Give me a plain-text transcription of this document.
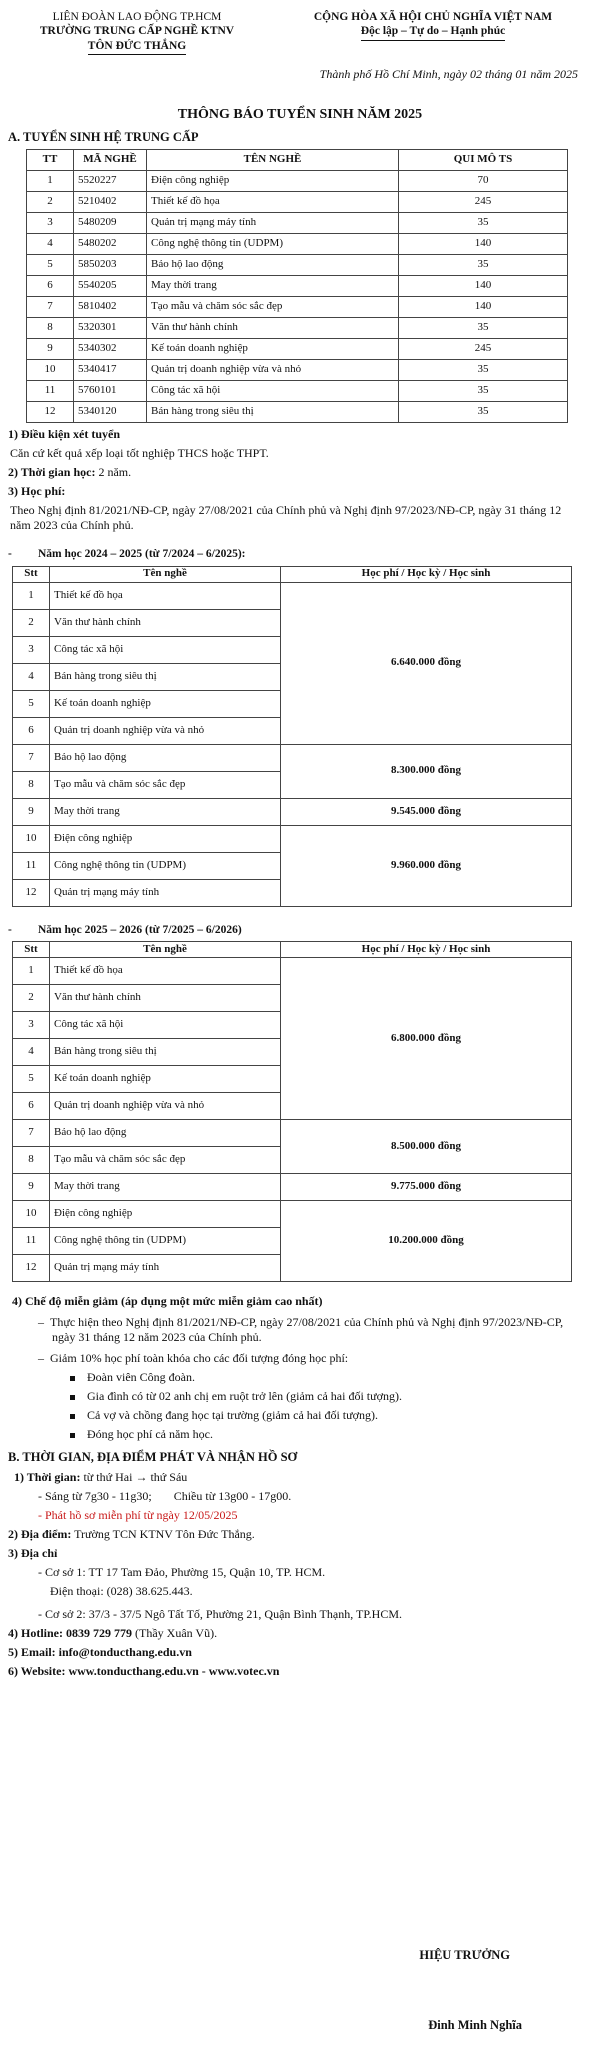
LIÊN ĐOÀN LAO ĐỘNG TP.HCM
TRƯỜNG TRUNG CẤP NGHỀ KTNV
TÔN ĐỨC THẮNG
CỘNG HÒA XÃ HỘI CHỦ NGHĨA VIỆT NAM
Độc lập – Tự do – Hạnh phúc
Thành phố Hồ Chí Minh, ngày 02 tháng 01 năm 2025
THÔNG BÁO TUYỂN SINH NĂM 2025
A. TUYỂN SINH HỆ TRUNG CẤP
TT	MÃ NGHỀ	TÊN NGHỀ	QUI MÔ TS
1	5520227	Điện công nghiệp	70
2	5210402	Thiết kế đồ họa	245
3	5480209	Quản trị mạng máy tính	35
4	5480202	Công nghệ thông tin (UDPM)	140
5	5850203	Bảo hộ lao động	35
6	5540205	May thời trang	140
7	5810402	Tạo mẫu và chăm sóc sắc đẹp	140
8	5320301	Văn thư hành chính	35
9	5340302	Kế toán doanh nghiệp	245
10	5340417	Quản trị doanh nghiệp vừa và nhỏ	35
11	5760101	Công tác xã hội	35
12	5340120	Bán hàng trong siêu thị	35
1) Điều kiện xét tuyển
Căn cứ kết quả xếp loại tốt nghiệp THCS hoặc THPT.
2) Thời gian học: 2 năm.
3) Học phí:
Theo Nghị định 81/2021/NĐ-CP, ngày 27/08/2021 của Chính phủ và Nghị định 97/2023/NĐ-CP, ngày 31 tháng 12 năm 2023 của Chính phủ.
- Năm học 2024 – 2025 (từ 7/2024 – 6/2025):
Stt	Tên nghề	Học phí / Học kỳ / Học sinh
1	Thiết kế đồ họa	6.640.000 đồng
2	Văn thư hành chính	
3	Công tác xã hội	
4	Bán hàng trong siêu thị	
5	Kế toán doanh nghiệp	
6	Quản trị doanh nghiệp vừa và nhỏ	
7	Bảo hộ lao động	8.300.000 đồng
8	Tạo mẫu và chăm sóc sắc đẹp	
9	May thời trang	9.545.000 đồng
10	Điện công nghiệp	9.960.000 đồng
11	Công nghệ thông tin (UDPM)	
12	Quản trị mạng máy tính	
- Năm học 2025 – 2026 (từ 7/2025 – 6/2026)
Stt	Tên nghề	Học phí / Học kỳ / Học sinh
1	Thiết kế đồ họa	6.800.000 đồng
2	Văn thư hành chính	
3	Công tác xã hội	
4	Bán hàng trong siêu thị	
5	Kế toán doanh nghiệp	
6	Quản trị doanh nghiệp vừa và nhỏ	
7	Bảo hộ lao động	8.500.000 đồng
8	Tạo mẫu và chăm sóc sắc đẹp	
9	May thời trang	9.775.000 đồng
10	Điện công nghiệp	10.200.000 đồng
11	Công nghệ thông tin (UDPM)	
12	Quản trị mạng máy tính	
4) Chế độ miễn giảm (áp dụng một mức miễn giảm cao nhất)
–  Thực hiện theo Nghị định 81/2021/NĐ-CP, ngày 27/08/2021 của Chính phủ và Nghị định 97/2023/NĐ-CP, ngày 31 tháng 12 năm 2023 của Chính phủ.
–  Giảm 10% học phí toàn khóa cho các đối tượng đóng học phí:
Đoàn viên Công đoàn.
Gia đình có từ 02 anh chị em ruột trở lên (giảm cả hai đối tượng).
Cả vợ và chồng đang học tại trường (giảm cả hai đối tượng).
Đóng học phí cả năm học.
B. THỜI GIAN, ĐỊA ĐIỂM PHÁT VÀ NHẬN HỒ SƠ
1) Thời gian: từ thứ Hai → thứ Sáu
- Sáng từ 7g30 - 11g30; Chiều từ 13g00 - 17g00.
- Phát hồ sơ miễn phí từ ngày 12/05/2025
2) Địa điểm: Trường TCN KTNV Tôn Đức Thắng.
3) Địa chỉ
- Cơ sở 1: TT 17 Tam Đảo, Phường 15, Quận 10, TP. HCM.
Điện thoại: (028) 38.625.443.
- Cơ sở 2: 37/3 - 37/5 Ngô Tất Tố, Phường 21, Quận Bình Thạnh, TP.HCM.
4) Hotline: 0839 729 779 (Thầy Xuân Vũ).
5) Email: info@tonducthang.edu.vn
6) Website: www.tonducthang.edu.vn - www.votec.vn
HIỆU TRƯỞNG
Đinh Minh Nghĩa
